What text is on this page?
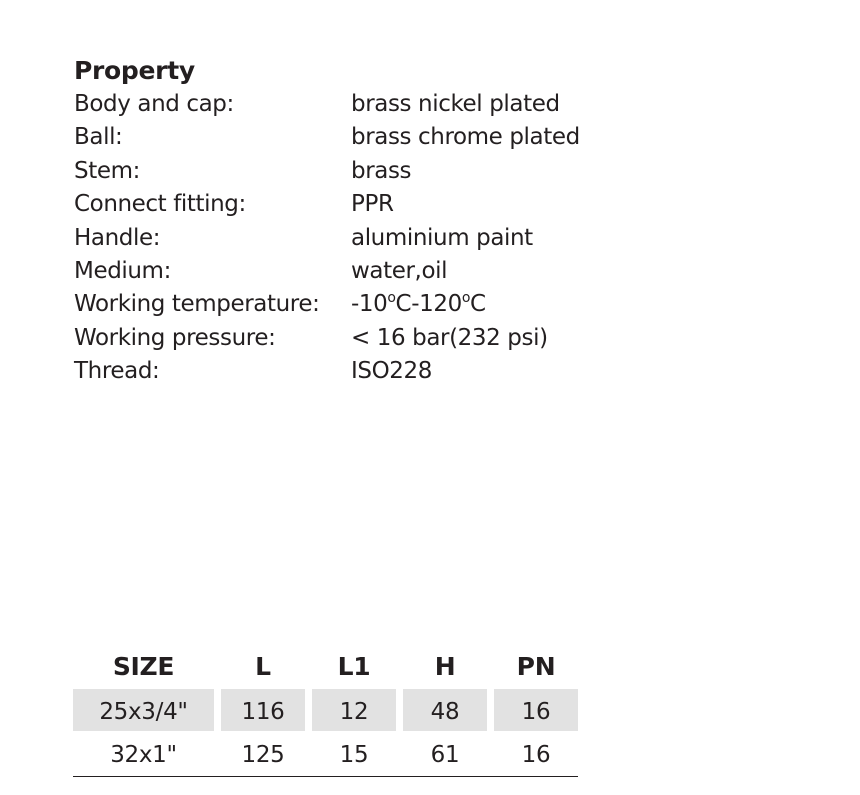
Property
Body and cap:	brass nickel plated
Ball:	brass chrome plated
Stem:	brass
Connect fitting:	PPR
Handle:	aluminium paint
Medium:	water,oil
Working temperature:	-10$^o$C-120$^o$C
Working pressure:	< 16 bar(232 psi)
Thread:	ISO228
SIZE	L	L1	H	PN
25x3/4"	116	12	48	16
32x1"	125	15	61	16
